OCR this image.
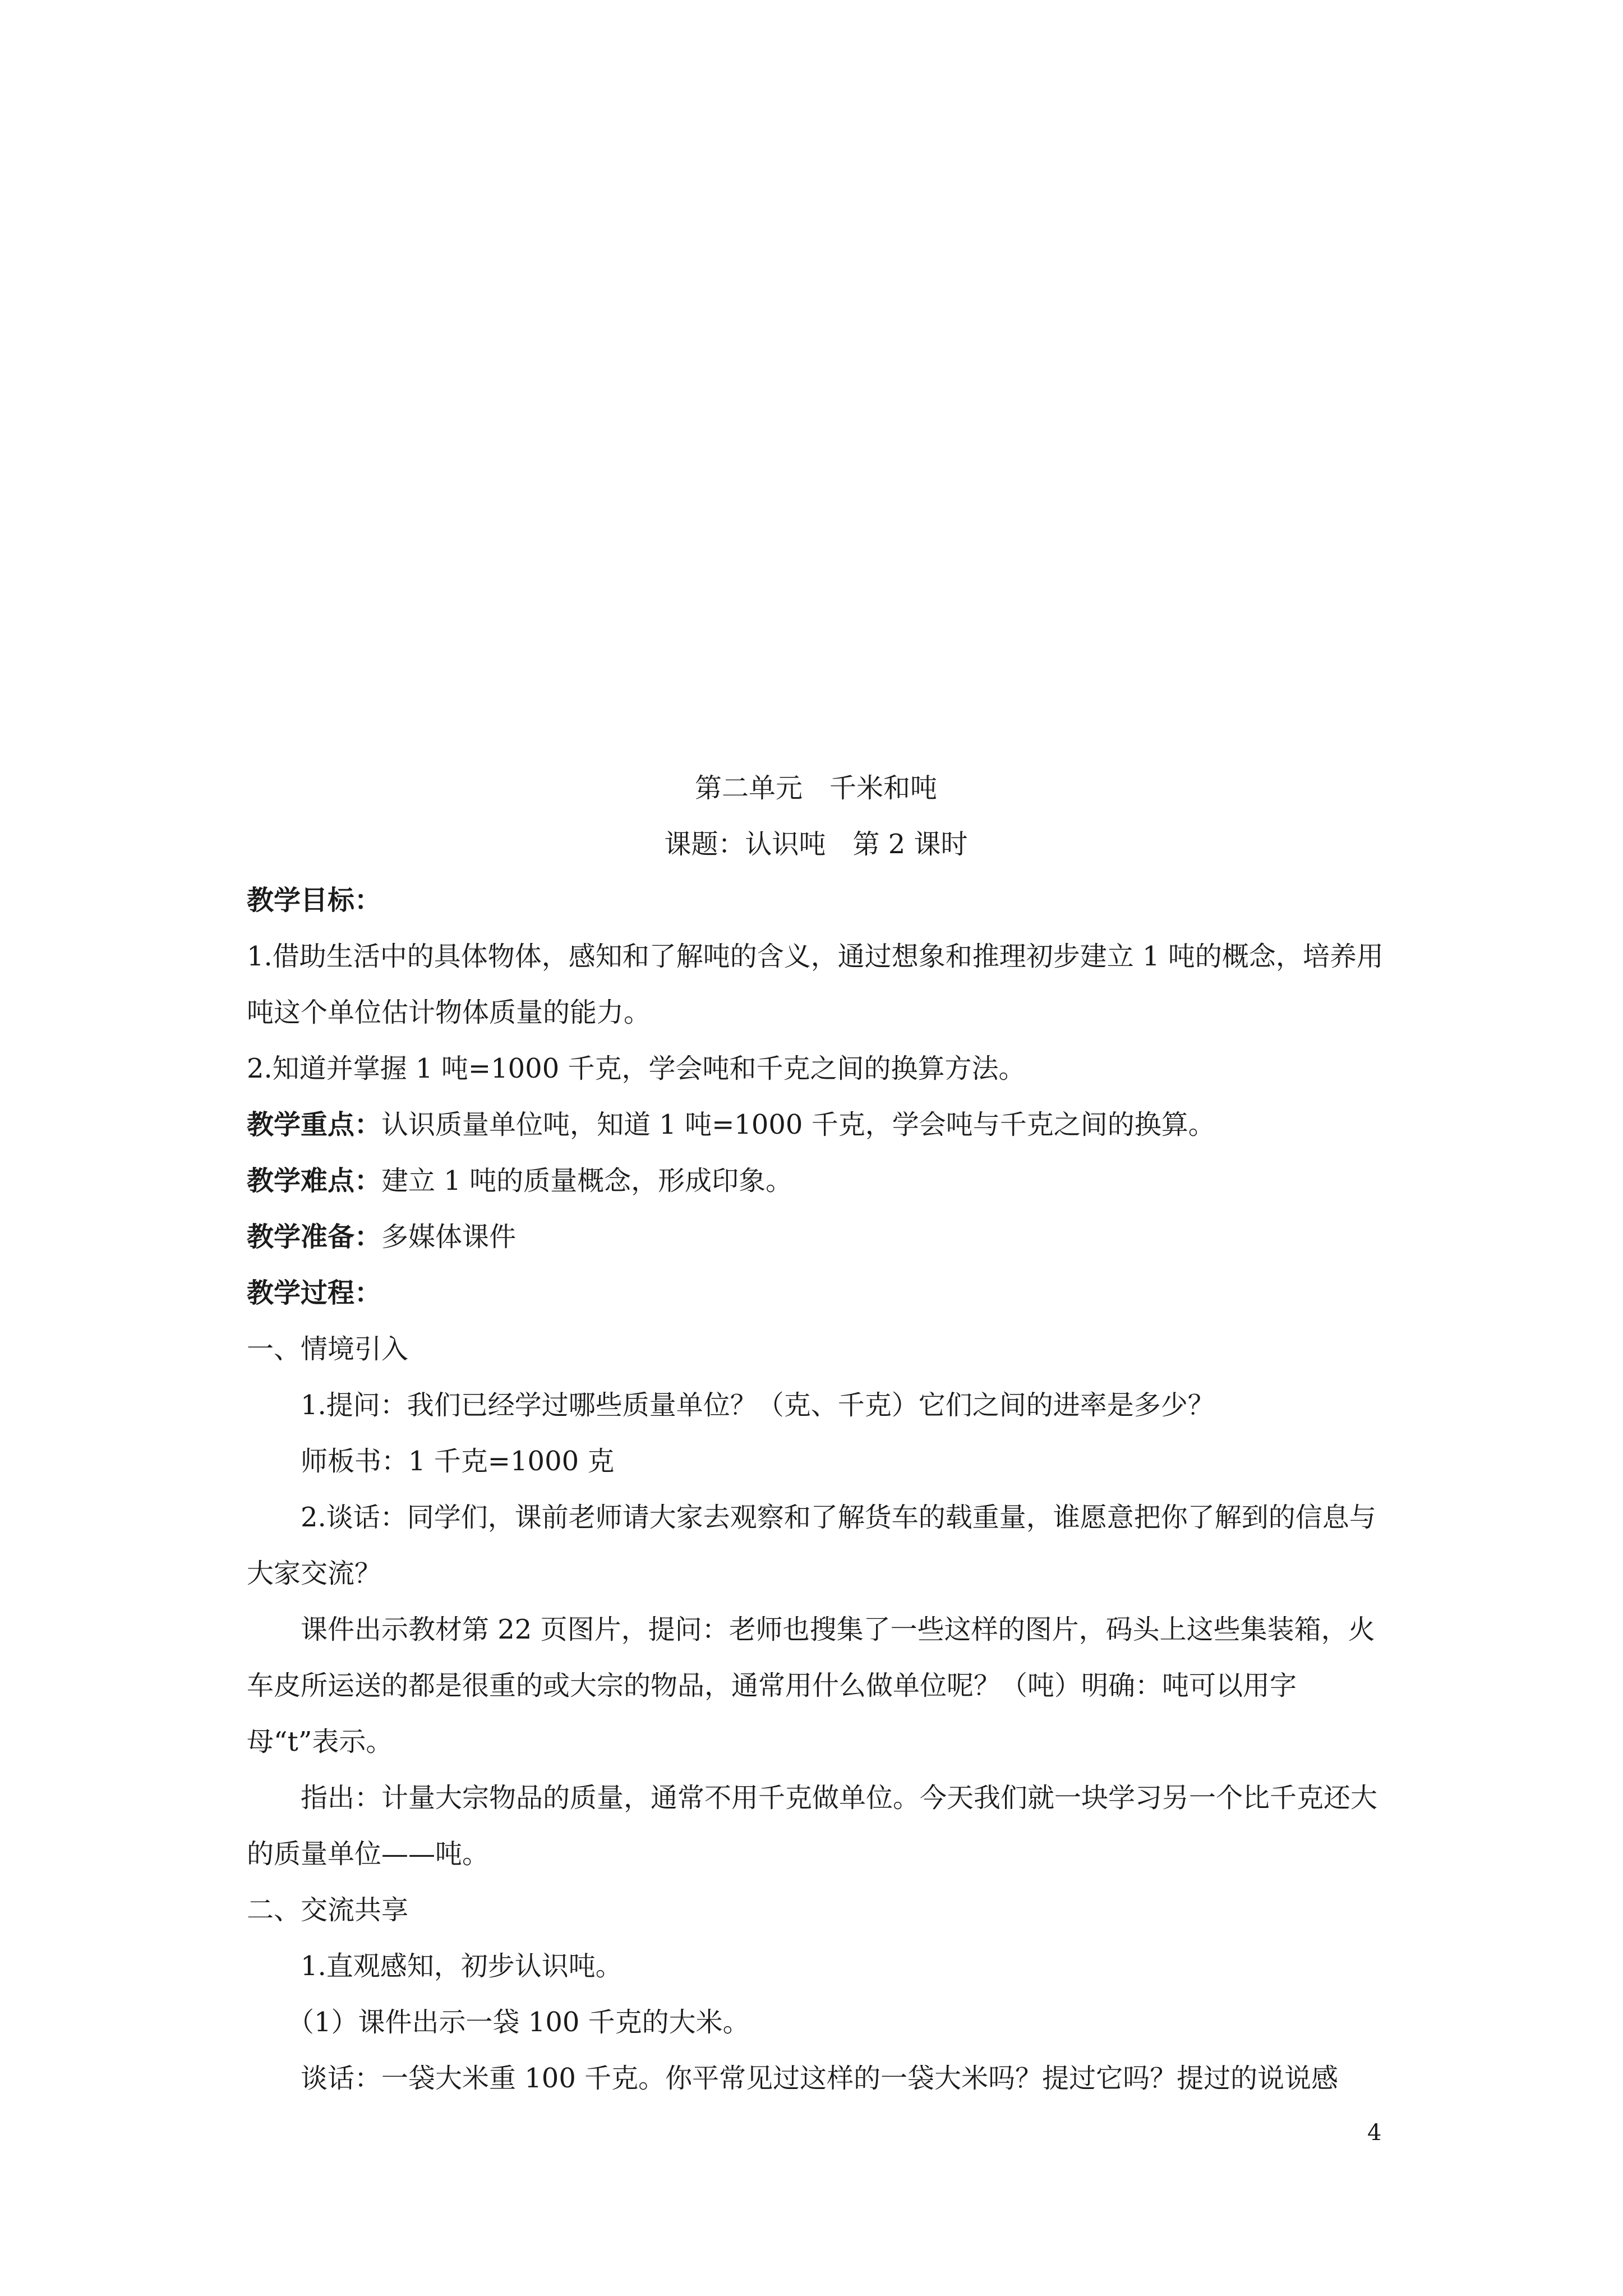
第二单元　千米和吨

课题：认识吨　第 2 课时

教学目标：

1.借助生活中的具体物体，感知和了解吨的含义，通过想象和推理初步建立 1 吨的概念，培养用吨这个单位估计物体质量的能力。

2.知道并掌握 1 吨=1000 千克，学会吨和千克之间的换算方法。

教学重点：认识质量单位吨，知道 1 吨=1000 千克，学会吨与千克之间的换算。

教学难点：建立 1 吨的质量概念，形成印象。

教学准备：多媒体课件

教学过程：

一、情境引入

1.提问：我们已经学过哪些质量单位？（克、千克）它们之间的进率是多少？

师板书：1 千克=1000 克

2.谈话：同学们，课前老师请大家去观察和了解货车的载重量，谁愿意把你了解到的信息与大家交流？

课件出示教材第 22 页图片，提问：老师也搜集了一些这样的图片，码头上这些集装箱，火车皮所运送的都是很重的或大宗的物品，通常用什么做单位呢？（吨）明确：吨可以用字母“t”表示。

指出：计量大宗物品的质量，通常不用千克做单位。今天我们就一块学习另一个比千克还大的质量单位——吨。

二、交流共享

1.直观感知，初步认识吨。

（1）课件出示一袋 100 千克的大米。

谈话：一袋大米重 100 千克。你平常见过这样的一袋大米吗？提过它吗？提过的说说感

4
